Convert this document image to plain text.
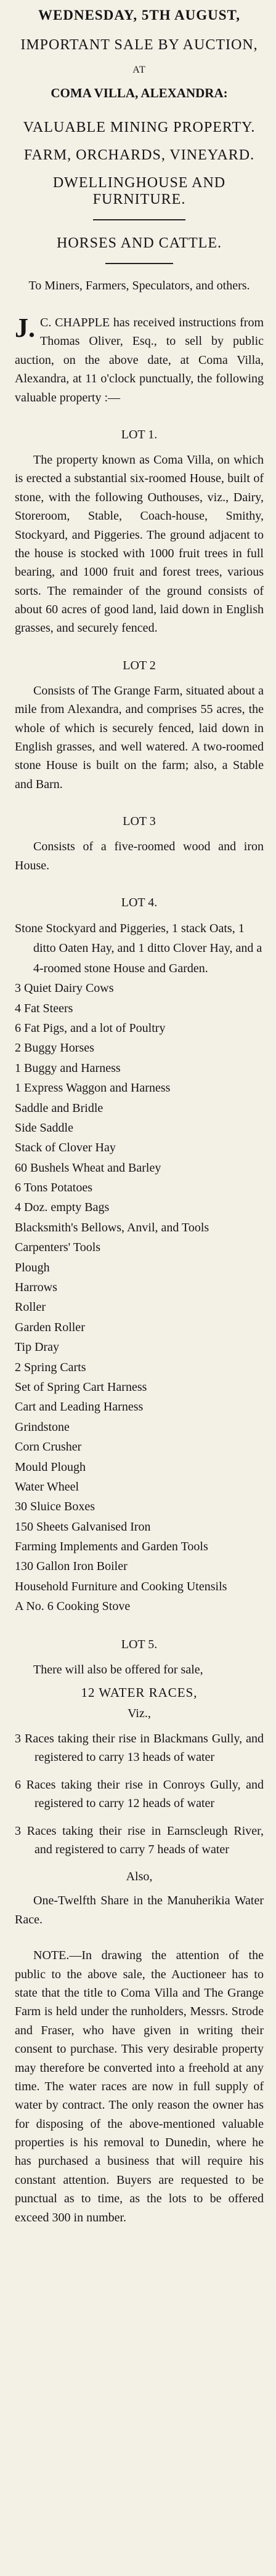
WEDNESDAY, 5TH AUGUST,
IMPORTANT SALE BY AUCTION,
AT
COMA VILLA, ALEXANDRA:
VALUABLE MINING PROPERTY.
FARM, ORCHARDS, VINEYARD.
DWELLINGHOUSE AND FURNITURE.
HORSES AND CATTLE.
To Miners, Farmers, Speculators, and others.

J. C. CHAPPLE has received instructions from Thomas Oliver, Esq., to sell by public auction, on the above date, at Coma Villa, Alexandra, at 11 o'clock punctually, the following valuable property :—

LOT 1.

The property known as Coma Villa, on which is erected a substantial six-roomed House, built of stone, with the following Outhouses, viz., Dairy, Storeroom, Stable, Coach-house, Smithy, Stockyard, and Piggeries. The ground adjacent to the house is stocked with 1000 fruit trees in full bearing, and 1000 fruit and forest trees, various sorts. The remainder of the ground consists of about 60 acres of good land, laid down in English grasses, and securely fenced.

LOT 2

Consists of The Grange Farm, situated about a mile from Alexandra, and comprises 55 acres, the whole of which is securely fenced, laid down in English grasses, and well watered. A two-roomed stone House is built on the farm; also, a Stable and Barn.

LOT 3

Consists of a five-roomed wood and iron House.

LOT 4.
Stone Stockyard and Piggeries, 1 stack Oats, 1 ditto Oaten Hay, and 1 ditto Clover Hay, and a 4-roomed stone House and Garden.
3 Quiet Dairy Cows
4 Fat Steers
6 Fat Pigs, and a lot of Poultry
2 Buggy Horses
1 Buggy and Harness
1 Express Waggon and Harness
Saddle and Bridle
Side Saddle
Stack of Clover Hay
60 Bushels Wheat and Barley
6 Tons Potatoes
4 Doz. empty Bags
Blacksmith's Bellows, Anvil, and Tools
Carpenters' Tools
Plough
Harrows
Roller
Garden Roller
Tip Dray
2 Spring Carts
Set of Spring Cart Harness
Cart and Leading Harness
Grindstone
Corn Crusher
Mould Plough
Water Wheel
30 Sluice Boxes
150 Sheets Galvanised Iron
Farming Implements and Garden Tools
130 Gallon Iron Boiler
Household Furniture and Cooking Utensils
A No. 6 Cooking Stove
LOT 5.

There will also be offered for sale,

12 WATER RACES,
Viz.,

3 Races taking their rise in Blackmans Gully, and registered to carry 13 heads of water

6 Races taking their rise in Conroys Gully, and registered to carry 12 heads of water

3 Races taking their rise in Earnscleugh River, and registered to carry 7 heads of water

Also,

One-Twelfth Share in the Manuherikia Water Race.

NOTE.—In drawing the attention of the public to the above sale, the Auctioneer has to state that the title to Coma Villa and The Grange Farm is held under the runholders, Messrs. Strode and Fraser, who have given in writing their consent to purchase. This very desirable property may therefore be converted into a freehold at any time. The water races are now in full supply of water by contract. The only reason the owner has for disposing of the above-mentioned valuable properties is his removal to Dunedin, where he has purchased a business that will require his constant attention. Buyers are requested to be punctual as to time, as the lots to be offered exceed 300 in number.
